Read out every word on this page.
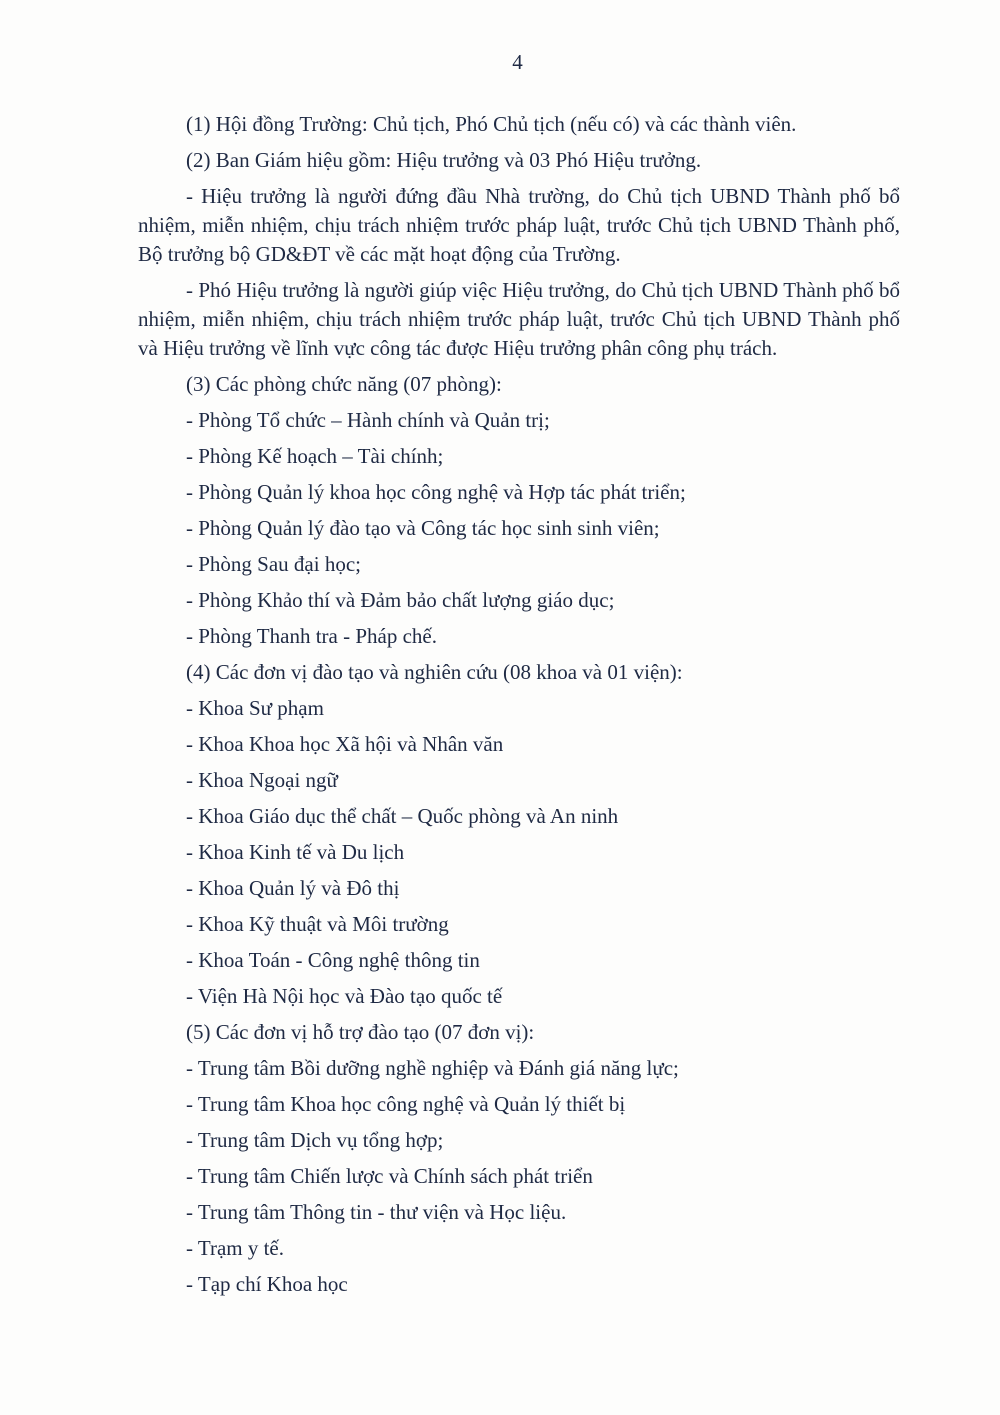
4

(1) Hội đồng Trường: Chủ tịch, Phó Chủ tịch (nếu có) và các thành viên.

(2) Ban Giám hiệu gồm: Hiệu trưởng và 03 Phó Hiệu trưởng.

- Hiệu trưởng là người đứng đầu Nhà trường, do Chủ tịch UBND Thành phố bổ nhiệm, miễn nhiệm, chịu trách nhiệm trước pháp luật, trước Chủ tịch UBND Thành phố, Bộ trưởng bộ GD&ĐT về các mặt hoạt động của Trường.

- Phó Hiệu trưởng là người giúp việc Hiệu trưởng, do Chủ tịch UBND Thành phố bổ nhiệm, miễn nhiệm, chịu trách nhiệm trước pháp luật, trước Chủ tịch UBND Thành phố và Hiệu trưởng về lĩnh vực công tác được Hiệu trưởng phân công phụ trách.

(3) Các phòng chức năng (07 phòng):

- Phòng Tổ chức – Hành chính và Quản trị;

- Phòng Kế hoạch – Tài chính;

- Phòng Quản lý khoa học công nghệ và Hợp tác phát triển;

- Phòng Quản lý đào tạo và Công tác học sinh sinh viên;

- Phòng Sau đại học;

- Phòng Khảo thí và Đảm bảo chất lượng giáo dục;

- Phòng Thanh tra - Pháp chế.

(4) Các đơn vị đào tạo và nghiên cứu (08 khoa và 01 viện):

- Khoa Sư phạm

- Khoa Khoa học Xã hội và Nhân văn

- Khoa Ngoại ngữ

- Khoa Giáo dục thể chất – Quốc phòng và An ninh

- Khoa Kinh tế và Du lịch

- Khoa Quản lý và Đô thị

- Khoa Kỹ thuật và Môi trường

- Khoa Toán - Công nghệ thông tin

- Viện Hà Nội học và Đào tạo quốc tế

(5) Các đơn vị hỗ trợ đào tạo (07 đơn vị):

- Trung tâm Bồi dưỡng nghề nghiệp và Đánh giá năng lực;

- Trung tâm Khoa học công nghệ và Quản lý thiết bị

- Trung tâm Dịch vụ tổng hợp;

- Trung tâm Chiến lược và Chính sách phát triển

- Trung tâm Thông tin - thư viện và Học liệu.

- Trạm y tế.

- Tạp chí Khoa học
